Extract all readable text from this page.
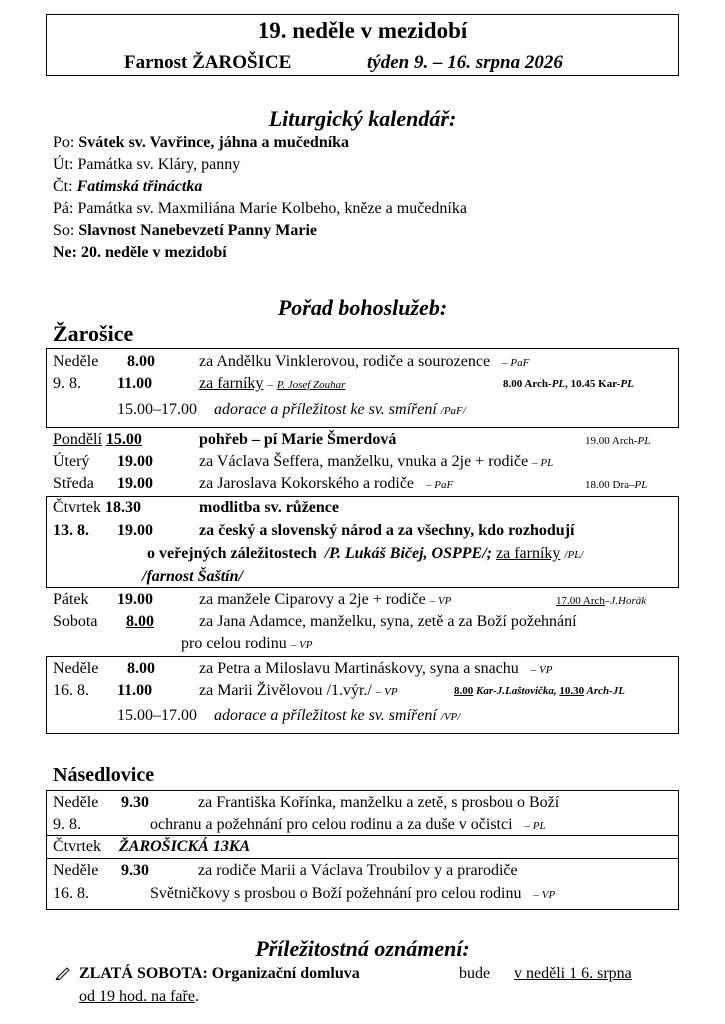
19. neděle v mezidobí
Farnost ŽAROŠICE	týden 9. – 16. srpna 2026
Liturgický kalendář:
Po: Svátek sv. Vavřince, jáhna a mučedníka
Út: Památka sv. Kláry, panny
Čt: Fatimská třináctka
Pá: Památka sv. Maxmiliána Marie Kolbeho, kněze a mučedníka
So: Slavnost Nanebevzetí Panny Marie
Ne: 20. neděle v mezidobí
Pořad bohoslužeb:
Žarošice
Neděle 8.00	za Andělku Vinklerovou, rodiče a sourozence – PaF
9. 8. 11.00	za farníky – P. Josef Zouhar	8.00 Arch-PL, 10.45 Kar-PL
15.00–17.00 adorace a příležitost ke sv. smíření /PaF/
Pondělí 15.00	pohřeb – pí Marie Šmerdová	19.00 Arch-PL
Úterý 19.00	za Václava Šeffera, manželku, vnuka a 2je + rodiče – PL
Středa 19.00	za Jaroslava Kokorského a rodiče – PaF	18.00 Dra–PL
Čtvrtek 18.30	modlitba sv. růžence
13. 8. 19.00	za český a slovenský národ a za všechny, kdo rozhodují
o veřejných záležitostech /P. Lukáš Bičej, OSPPE/; za farníky /PL/
/farnost Šaštín/
Pátek 19.00	za manžele Ciparovy a 2je + rodiče – VP	17.00 Arch–J.Horák
Sobota 8.00	za Jana Adamce, manželku, syna, zetě a za Boží požehnání
pro celou rodinu – VP
Neděle 8.00	za Petra a Miloslavu Martináskovy, syna a snachu – VP
16. 8. 11.00	za Marii Živělovou /1.výr./ – VP	8.00 Kar-J.Laštovička, 10.30 Arch-JL
15.00–17.00 adorace a příležitost ke sv. smíření /VP/
Násedlovice
Neděle 9.30	za Františka Kořínka, manželku a zetě, s prosbou o Boží
9. 8.	ochranu a požehnání pro celou rodinu a za duše v očistci – PL
Čtvrtek ŽAROŠICKÁ 13KA
Neděle 9.30	za rodiče Marii a Václava Troubilov y a prarodiče
16. 8.	Světničkovy s prosbou o Boží požehnání pro celou rodinu – VP
Příležitostná oznámení:
ZLATÁ SOBOTA: Organizační domluva	bude v neděli 1 6. srpna
od 19 hod. na faře.
